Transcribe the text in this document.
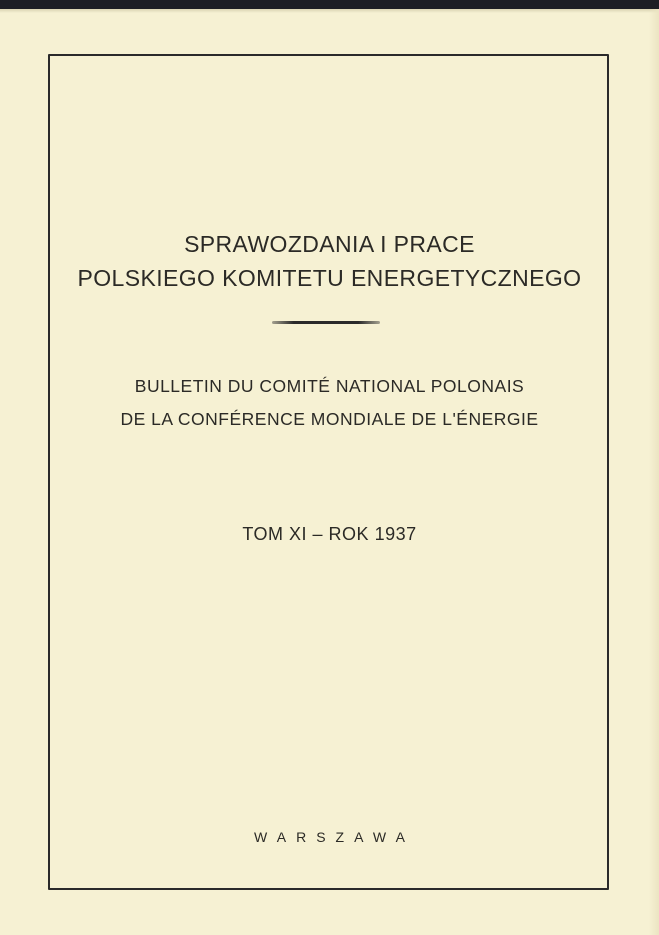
SPRAWOZDANIA I PRACE

POLSKIEGO KOMITETU ENERGETYCZNEGO

BULLETIN DU COMITÉ NATIONAL POLONAIS

DE LA CONFÉRENCE MONDIALE DE L'ÉNERGIE

TOM XI – ROK 1937

WARSZAWA
